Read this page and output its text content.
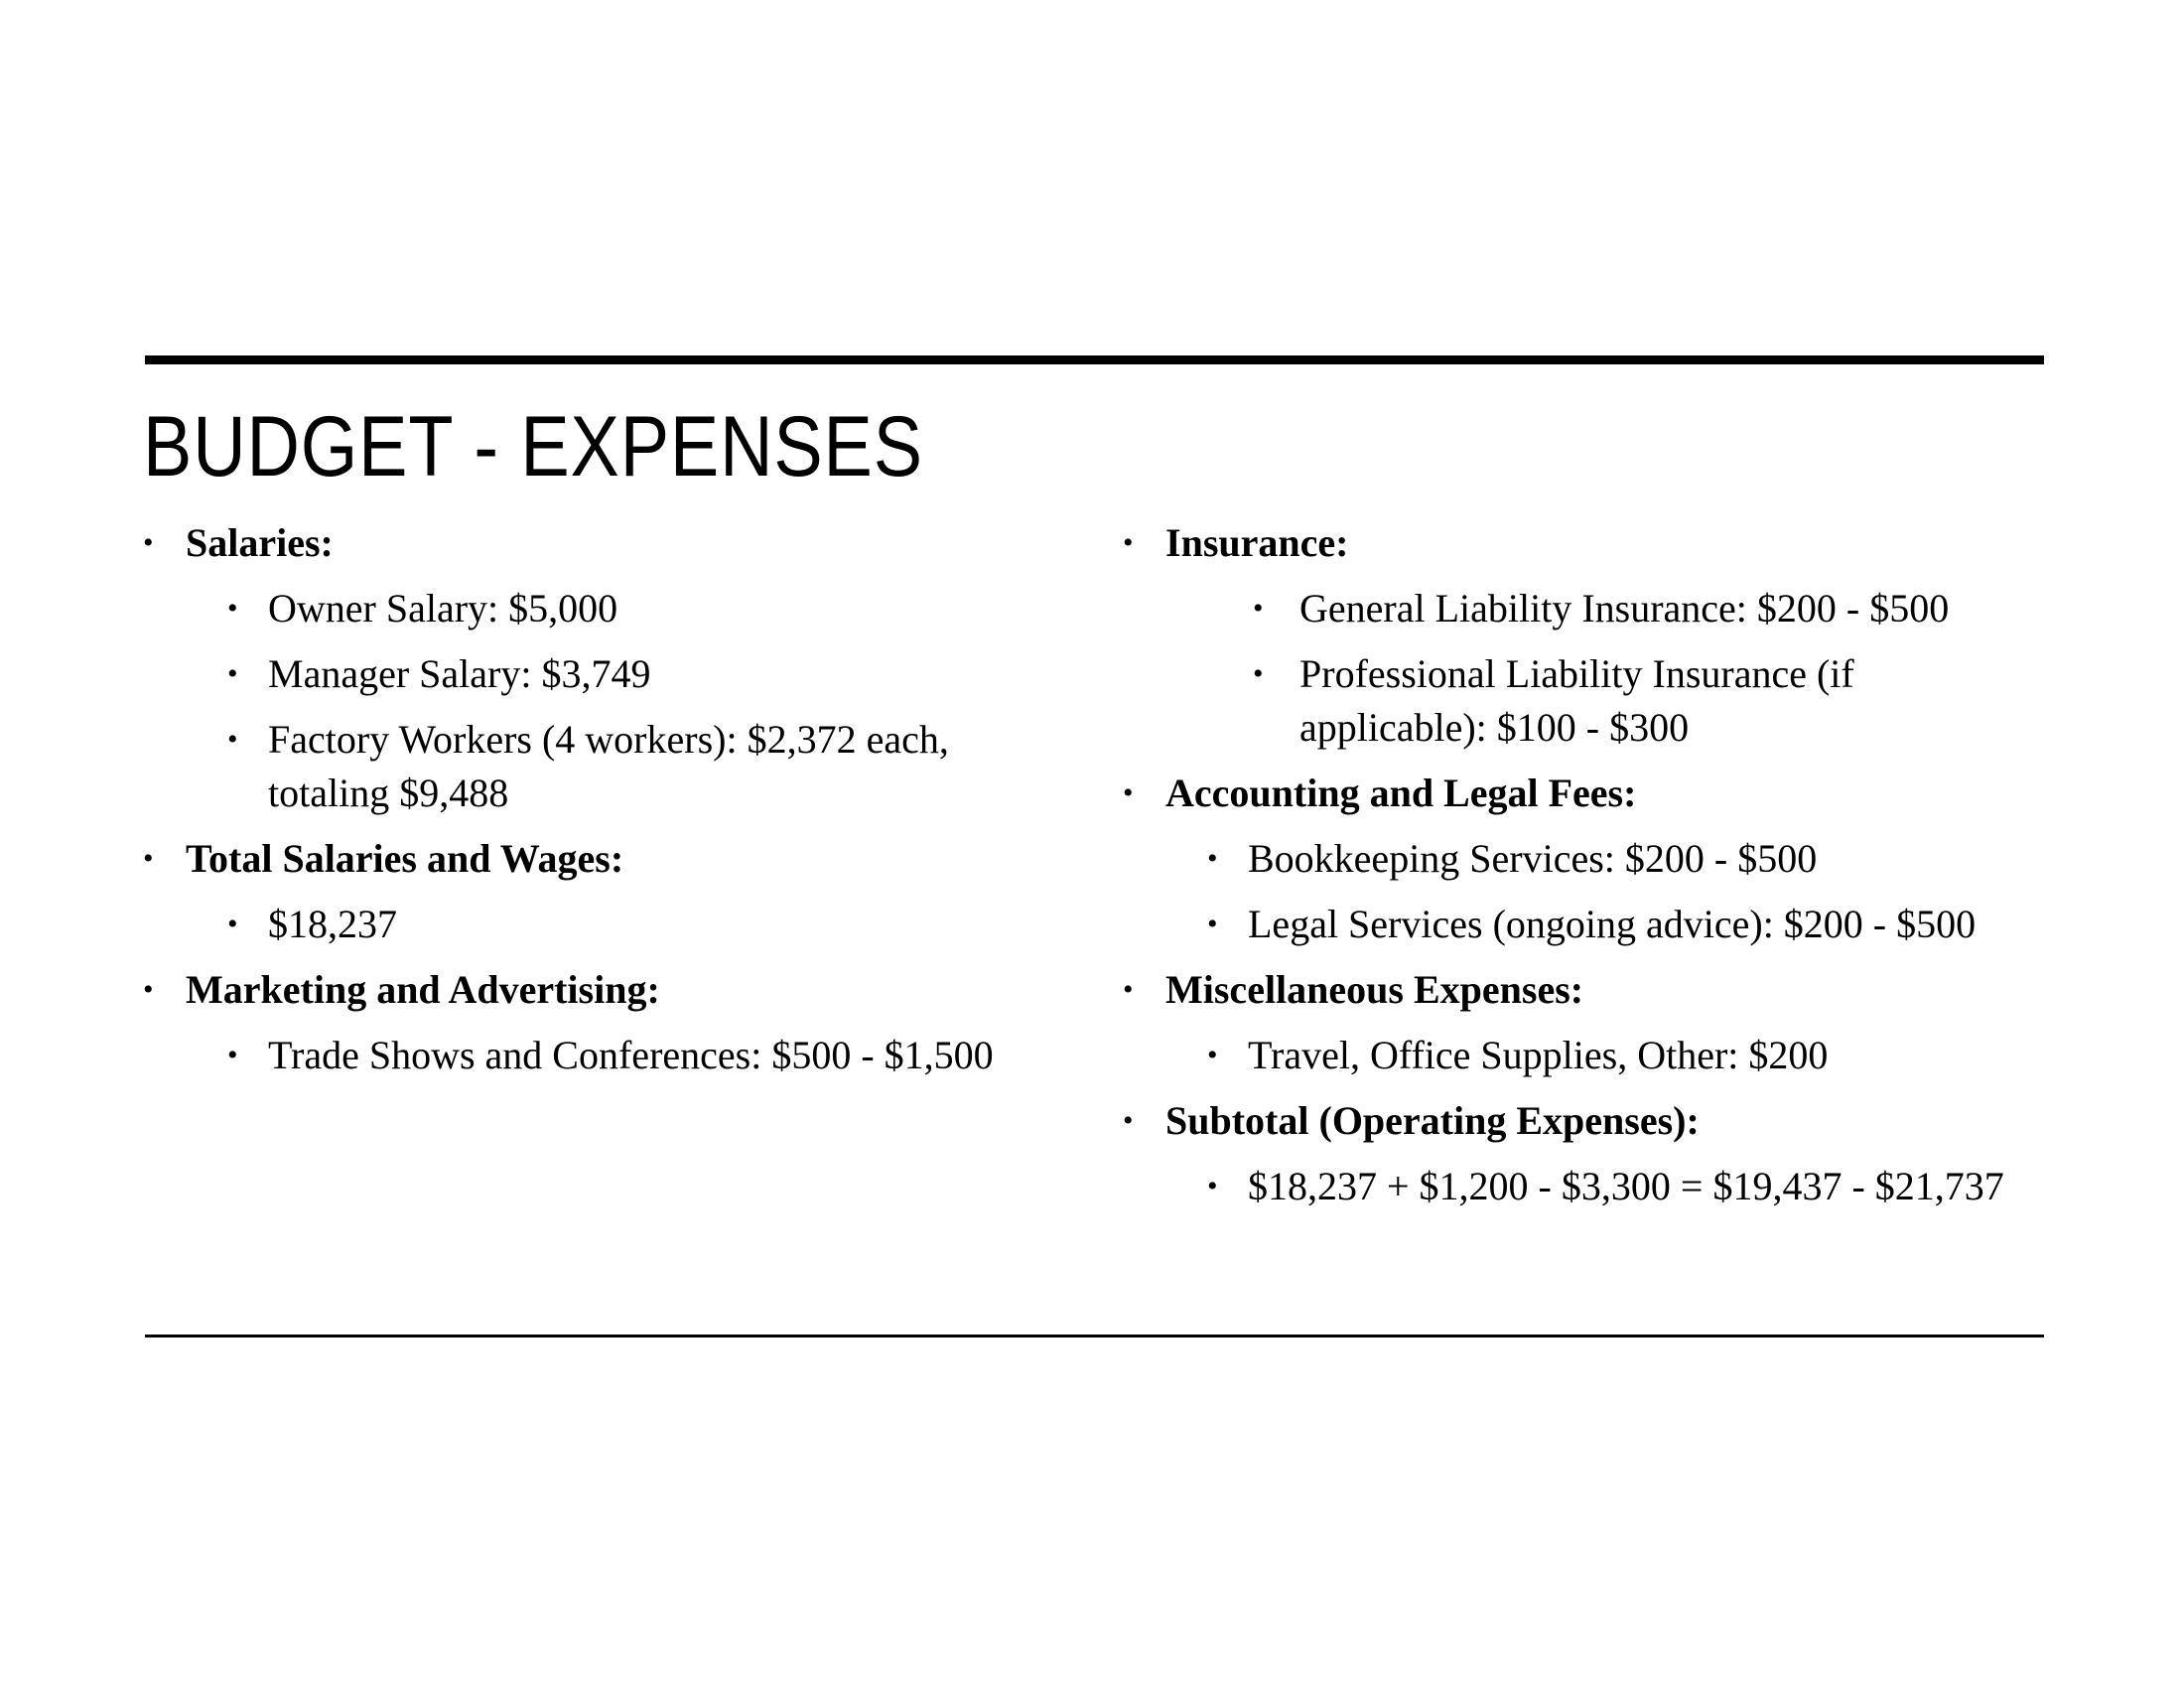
BUDGET - EXPENSES
• Salaries:
• Owner Salary: $5,000
• Manager Salary: $3,749
• Factory Workers (4 workers): $2,372 each, totaling $9,488
• Total Salaries and Wages:
• $18,237
• Marketing and Advertising:
• Trade Shows and Conferences: $500 - $1,500
• Insurance:
• General Liability Insurance: $200 - $500
• Professional Liability Insurance (if applicable): $100 - $300
• Accounting and Legal Fees:
• Bookkeeping Services: $200 - $500
• Legal Services (ongoing advice): $200 - $500
• Miscellaneous Expenses:
• Travel, Office Supplies, Other: $200
• Subtotal (Operating Expenses):
• $18,237 + $1,200 - $3,300 = $19,437 - $21,737
